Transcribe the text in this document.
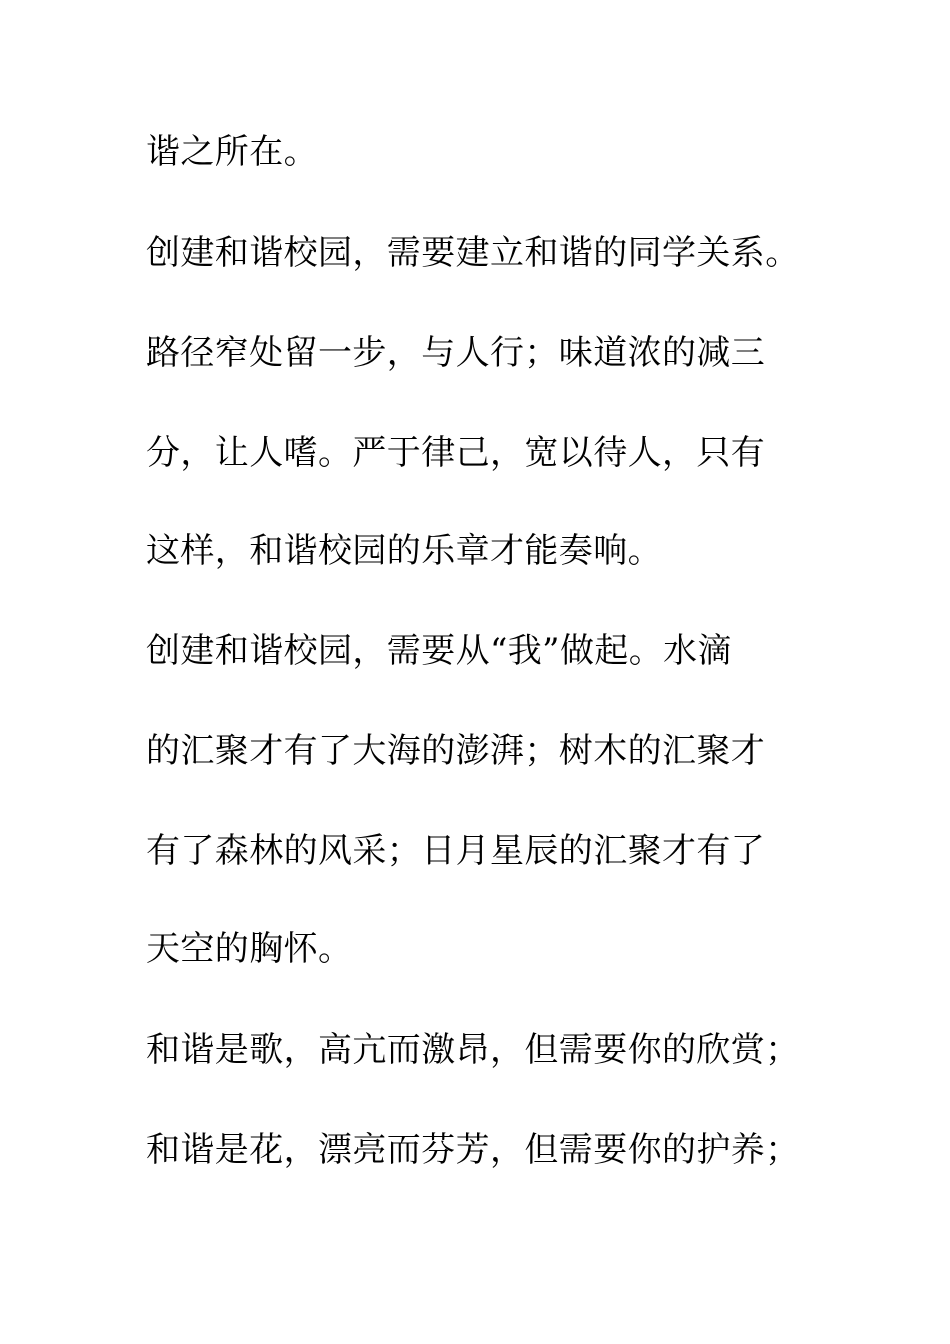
谐之所在。

创建和谐校园，需要建立和谐的同学关系。

路径窄处留一步，与人行；味道浓的减三

分，让人嗜。严于律己，宽以待人，只有

这样，和谐校园的乐章才能奏响。

创建和谐校园，需要从“我”做起。水滴

的汇聚才有了大海的澎湃；树木的汇聚才

有了森林的风采；日月星辰的汇聚才有了

天空的胸怀。

和谐是歌，高亢而激昂，但需要你的欣赏；

和谐是花，漂亮而芬芳，但需要你的护养；
